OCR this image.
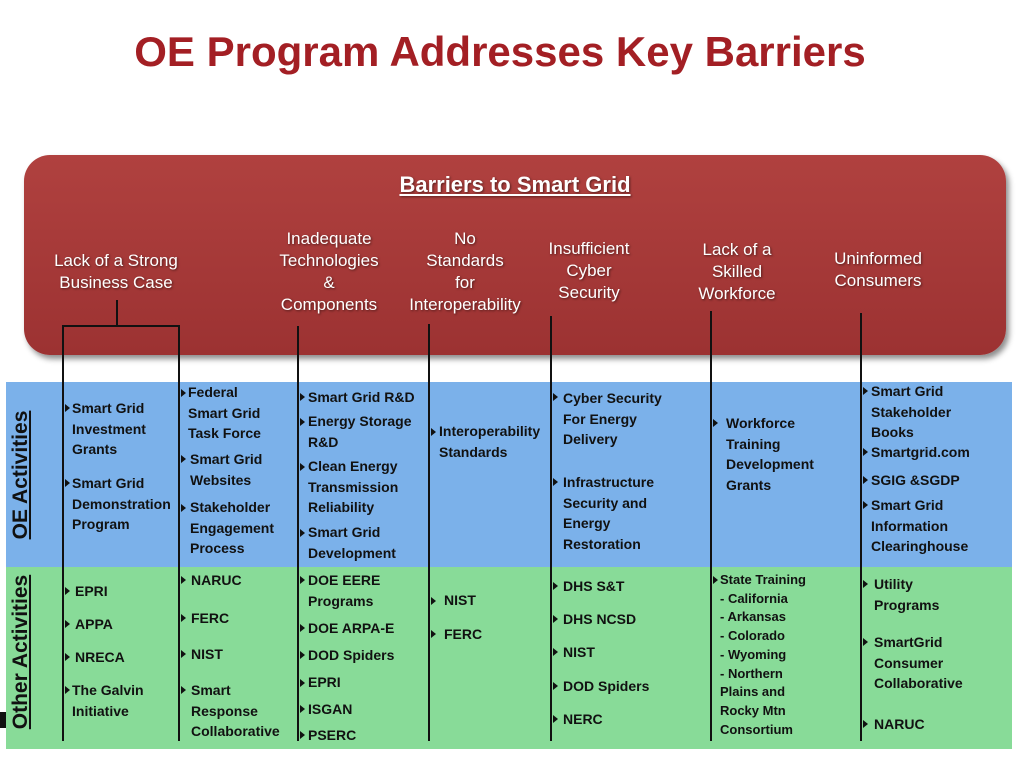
OE Program Addresses Key Barriers
Barriers to Smart Grid
Lack of a Strong
Business Case
Inadequate
Technologies
&
Components
No
Standards
for
Interoperability
Insufficient
Cyber
Security
Lack of a
Skilled
Workforce
Uninformed
Consumers
OE Activities
Other Activities
Smart Grid
Investment
Grants
Smart Grid
Demonstration
Program
Federal
Smart Grid
Task Force
Smart Grid
Websites
Stakeholder
Engagement
Process
Smart Grid R&D
Energy Storage
R&D
Clean Energy
Transmission
Reliability
Smart Grid
Development
Interoperability
Standards
Cyber Security
For Energy
Delivery
Infrastructure
Security and
Energy
Restoration
Workforce
Training
Development
Grants
Smart Grid
Stakeholder
Books
Smartgrid.com
SGIG &SGDP
Smart Grid
Information
Clearinghouse
EPRI
APPA
NRECA
The Galvin
Initiative
NARUC
FERC
NIST
Smart
Response
Collaborative
DOE EERE
Programs
DOE ARPA-E
DOD Spiders
EPRI
ISGAN
PSERC
NIST
FERC
DHS S&T
DHS NCSD
NIST
DOD Spiders
NERC
State Training
- California
- Arkansas
- Colorado
- Wyoming
- Northern
Plains and
Rocky Mtn
Consortium
Utility
Programs
SmartGrid
Consumer
Collaborative
NARUC
